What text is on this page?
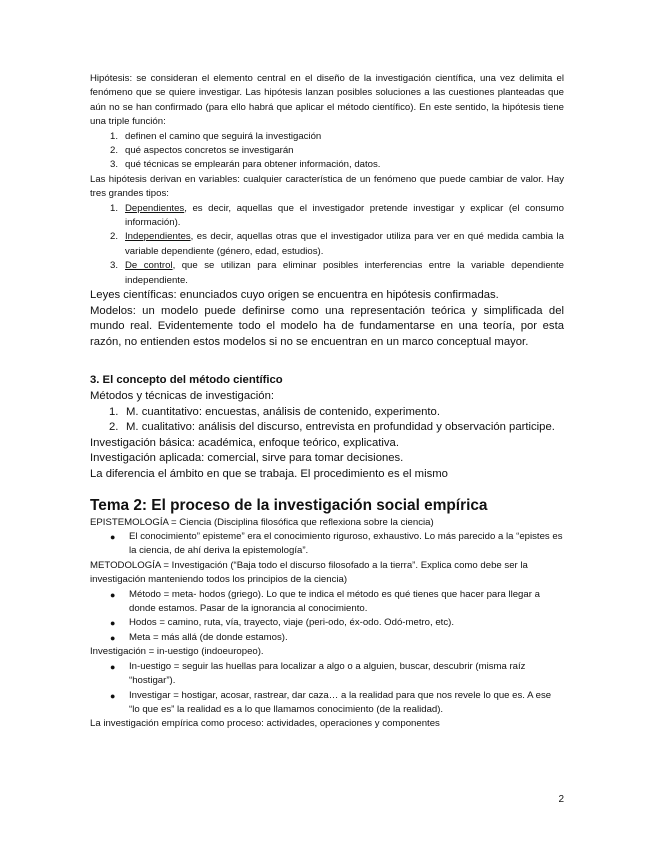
Hipótesis: se consideran el elemento central en el diseño de la investigación científica, una vez delimita el fenómeno que se quiere investigar. Las hipótesis lanzan posibles soluciones a las cuestiones planteadas que aún no se han confirmado (para ello habrá que aplicar el método científico). En este sentido, la hipótesis tiene una triple función:

1. definen el camino que seguirá la investigación
2. qué aspectos concretos se investigarán
3. qué técnicas se emplearán para obtener información, datos.

Las hipótesis derivan en variables: cualquier característica de un fenómeno que puede cambiar de valor. Hay tres grandes tipos:

1. Dependientes, es decir, aquellas que el investigador pretende investigar y explicar (el consumo información).
2. Independientes, es decir, aquellas otras que el investigador utiliza para ver en qué medida cambia la variable dependiente (género, edad, estudios).
3. De control, que se utilizan para eliminar posibles interferencias entre la variable dependiente independiente.

Leyes científicas: enunciados cuyo origen se encuentra en hipótesis confirmadas.

Modelos: un modelo puede definirse como una representación teórica y simplificada del mundo real. Evidentemente todo el modelo ha de fundamentarse en una teoría, por esta razón, no entienden estos modelos si no se encuentran en un marco conceptual mayor.

3. El concepto del método científico

Métodos y técnicas de investigación:

1. M. cuantitativo: encuestas, análisis de contenido, experimento.
2. M. cualitativo: análisis del discurso, entrevista en profundidad y observación participe.

Investigación básica: académica, enfoque teórico, explicativa.

Investigación aplicada: comercial, sirve para tomar decisiones.

La diferencia el ámbito en que se trabaja. El procedimiento es el mismo

Tema 2: El proceso de la investigación social empírica

EPISTEMOLOGÍA = Ciencia (Disciplina filosófica que reflexiona sobre la ciencia)

● El conocimiento” episteme” era el conocimiento riguroso, exhaustivo. Lo más parecido a la “epistes es la ciencia, de ahí deriva la epistemología”.

METODOLOGÍA = Investigación (“Baja todo el discurso filosofado a la tierra”. Explica como debe ser la investigación manteniendo todos los principios de la ciencia)

● Método = meta- hodos (griego). Lo que te indica el método es qué tienes que hacer para llegar a donde estamos. Pasar de la ignorancia al conocimiento.
● Hodos = camino, ruta, vía, trayecto, viaje (peri-odo, éx-odo. Odó-metro, etc).
● Meta = más allá (de donde estamos).

Investigación = in-uestigo (indoeuropeo).

● In-uestigo = seguir las huellas para localizar a algo o a alguien, buscar, descubrir (misma raíz “hostigar”).
● Investigar = hostigar, acosar, rastrear, dar caza… a la realidad para que nos revele lo que es. A ese “lo que es” la realidad es a lo que llamamos conocimiento (de la realidad).

La investigación empírica como proceso: actividades, operaciones y componentes

2
